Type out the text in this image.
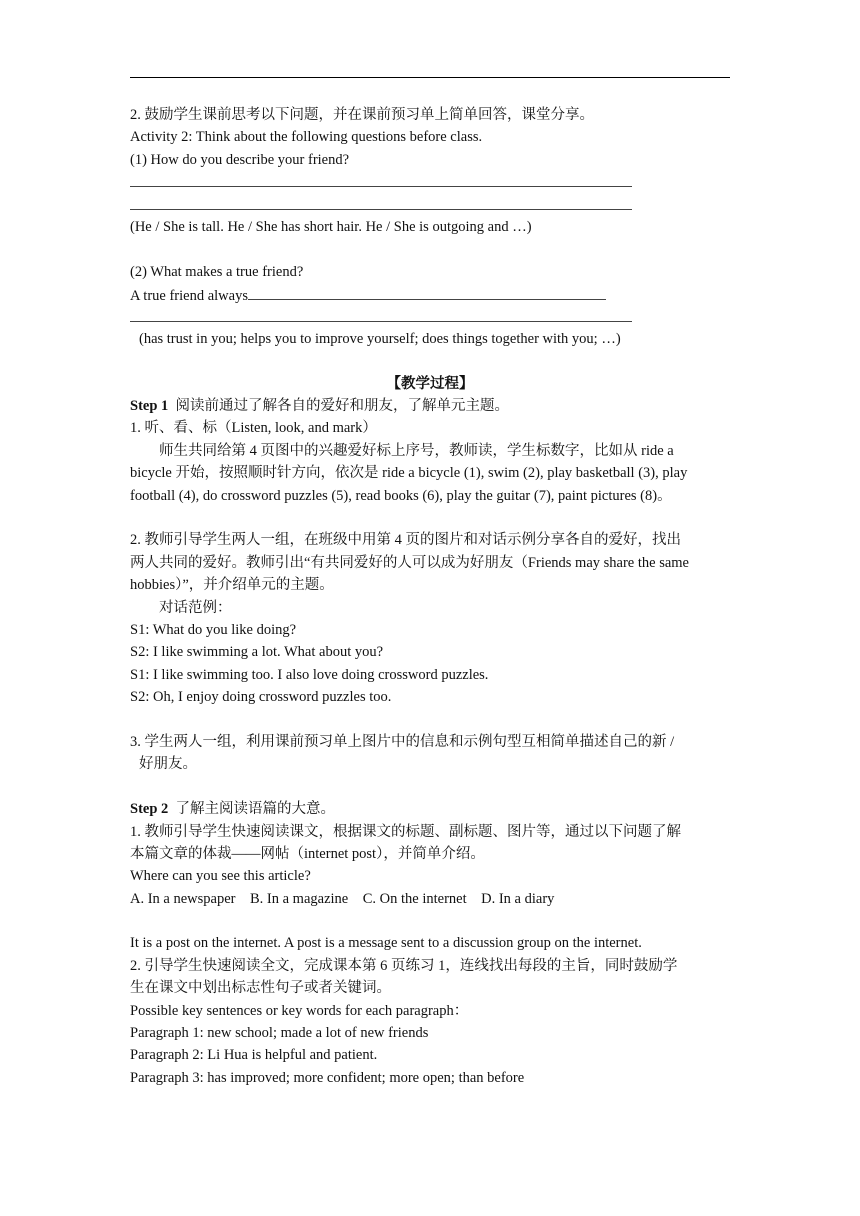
2. 鼓励学生课前思考以下问题，并在课前预习单上简单回答，课堂分享。
Activity 2: Think about the following questions before class.
(1) How do you describe your friend?
(He / She is tall. He / She has short hair. He / She is outgoing and …)
(2) What makes a true friend?
A true friend always
(has trust in you; helps you to improve yourself; does things together with you; …)
【教学过程】
Step 1 阅读前通过了解各自的爱好和朋友，了解单元主题。
1. 听、看、标（Listen, look, and mark）
师生共同给第 4 页图中的兴趣爱好标上序号，教师读，学生标数字，比如从 ride a
bicycle 开始，按照顺时针方向，依次是 ride a bicycle (1), swim (2), play basketball (3), play
football (4), do crossword puzzles (5), read books (6), play the guitar (7), paint pictures (8)。
2. 教师引导学生两人一组，在班级中用第 4 页的图片和对话示例分享各自的爱好，找出
两人共同的爱好。教师引出“有共同爱好的人可以成为好朋友（Friends may share the same
hobbies）”，并介绍单元的主题。
对话范例：
S1: What do you like doing?
S2: I like swimming a lot. What about you?
S1: I like swimming too. I also love doing crossword puzzles.
S2: Oh, I enjoy doing crossword puzzles too.
3. 学生两人一组，利用课前预习单上图片中的信息和示例句型互相简单描述自己的新 /
好朋友。
Step 2 了解主阅读语篇的大意。
1. 教师引导学生快速阅读课文，根据课文的标题、副标题、图片等，通过以下问题了解
本篇文章的体裁——网帖（internet post），并简单介绍。
Where can you see this article?
A. In a newspaper    B. In a magazine    C. On the internet    D. In a diary
It is a post on the internet. A post is a message sent to a discussion group on the internet.
2. 引导学生快速阅读全文，完成课本第 6 页练习 1，连线找出每段的主旨，同时鼓励学
生在课文中划出标志性句子或者关键词。
Possible key sentences or key words for each paragraph：
Paragraph 1: new school; made a lot of new friends
Paragraph 2: Li Hua is helpful and patient.
Paragraph 3: has improved; more confident; more open; than before
